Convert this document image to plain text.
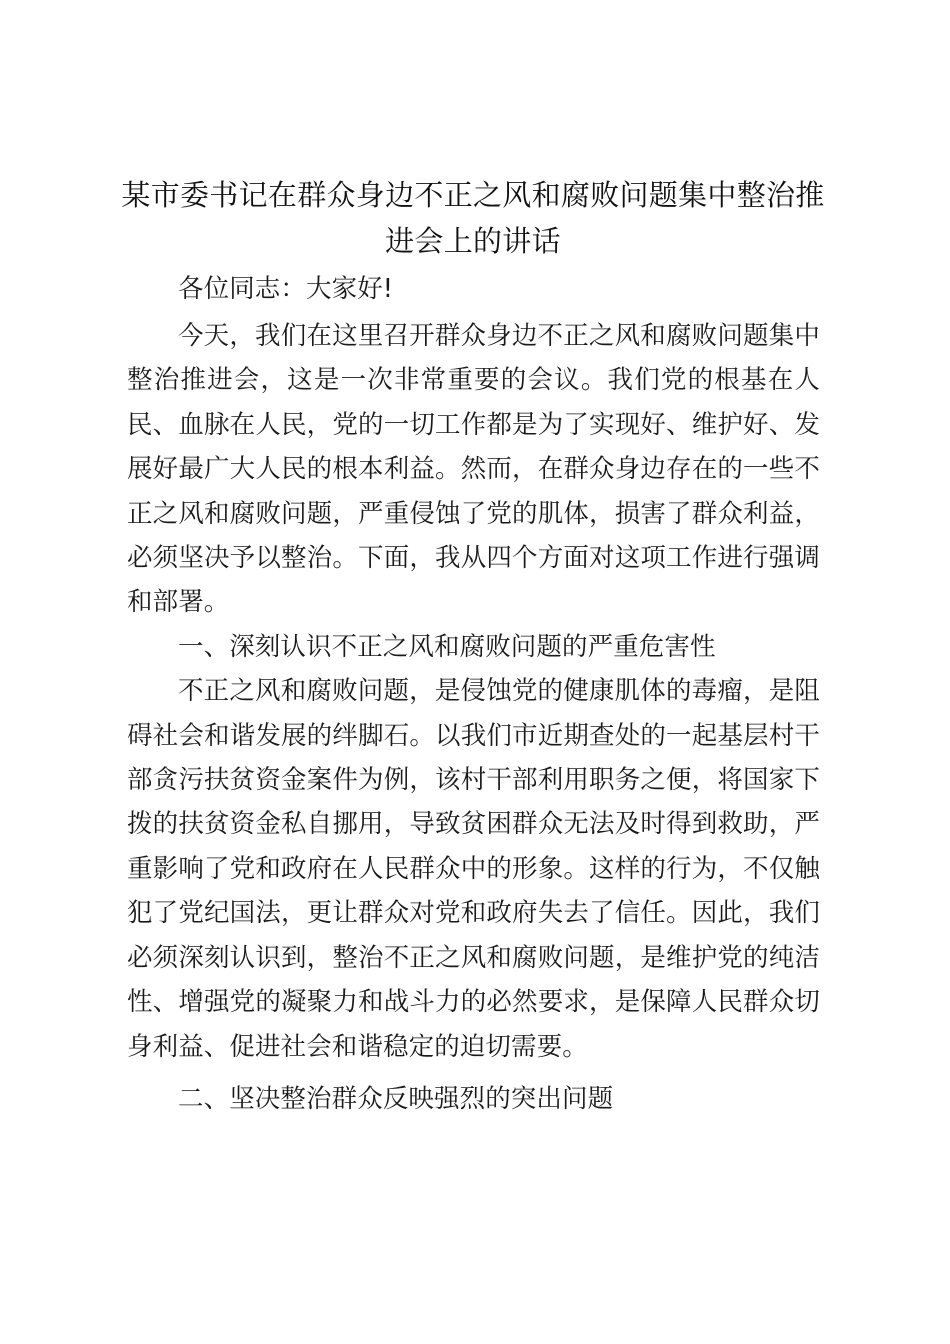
某市委书记在群众身边不正之风和腐败问题集中整治推进会上的讲话

各位同志：大家好!

今天，我们在这里召开群众身边不正之风和腐败问题集中整治推进会，这是一次非常重要的会议。我们党的根基在人民、血脉在人民，党的一切工作都是为了实现好、维护好、发展好最广大人民的根本利益。然而，在群众身边存在的一些不正之风和腐败问题，严重侵蚀了党的肌体，损害了群众利益，必须坚决予以整治。下面，我从四个方面对这项工作进行强调和部署。

一、深刻认识不正之风和腐败问题的严重危害性

不正之风和腐败问题，是侵蚀党的健康肌体的毒瘤，是阻碍社会和谐发展的绊脚石。以我们市近期查处的一起基层村干部贪污扶贫资金案件为例，该村干部利用职务之便，将国家下拨的扶贫资金私自挪用，导致贫困群众无法及时得到救助，严重影响了党和政府在人民群众中的形象。这样的行为，不仅触犯了党纪国法，更让群众对党和政府失去了信任。因此，我们必须深刻认识到，整治不正之风和腐败问题，是维护党的纯洁性、增强党的凝聚力和战斗力的必然要求，是保障人民群众切身利益、促进社会和谐稳定的迫切需要。

二、坚决整治群众反映强烈的突出问题
